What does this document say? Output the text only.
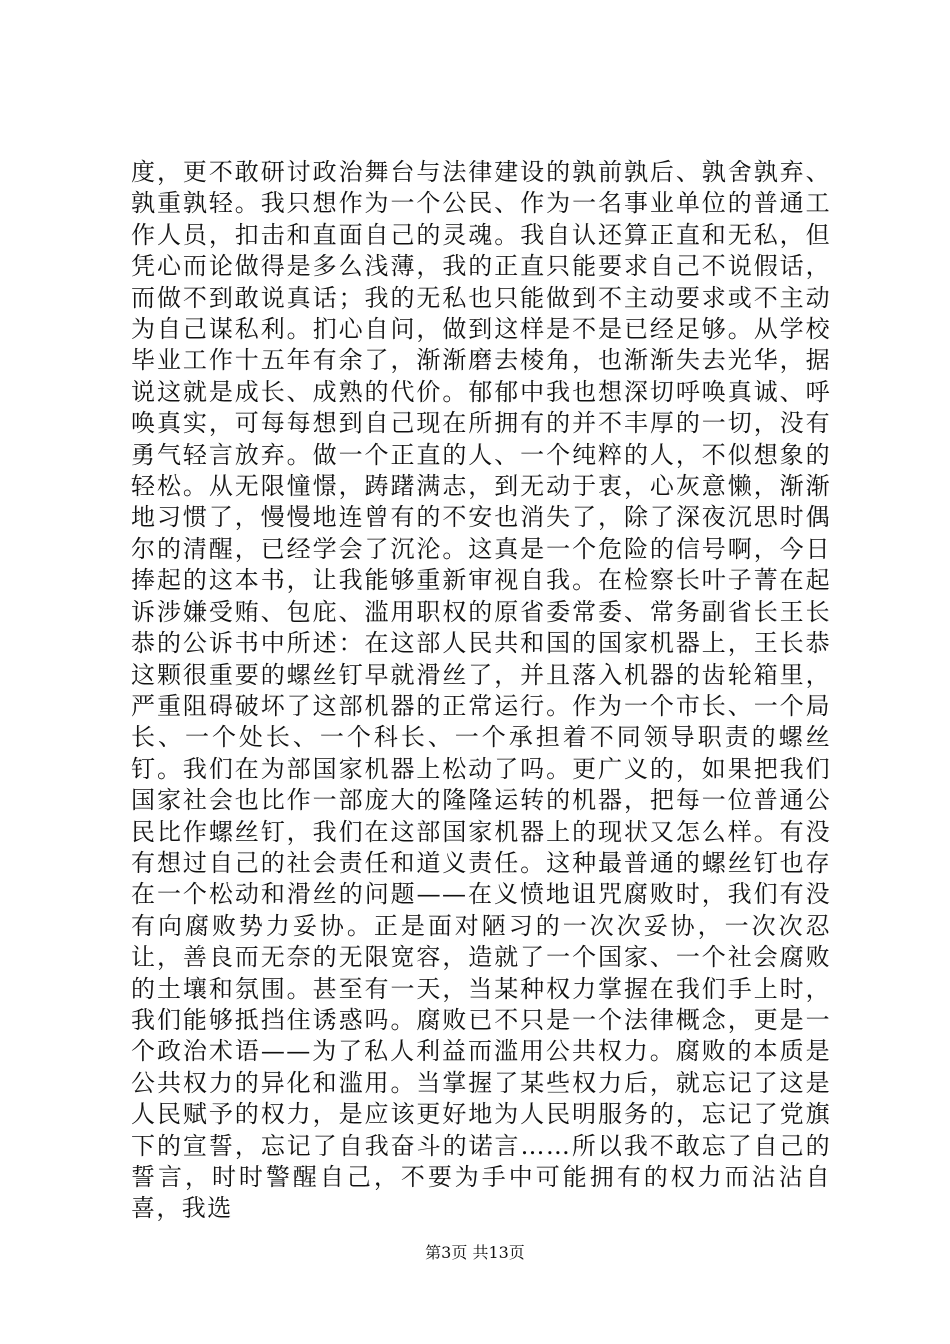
度，更不敢研讨政治舞台与法律建设的孰前孰后、孰舍孰弃、孰重孰轻。我只想作为一个公民、作为一名事业单位的普通工作人员，扣击和直面自己的灵魂。我自认还算正直和无私，但凭心而论做得是多么浅薄，我的正直只能要求自己不说假话，而做不到敢说真话；我的无私也只能做到不主动要求或不主动为自己谋私利。扪心自问，做到这样是不是已经足够。从学校毕业工作十五年有余了，渐渐磨去棱角，也渐渐失去光华，据说这就是成长、成熟的代价。郁郁中我也想深切呼唤真诚、呼唤真实，可每每想到自己现在所拥有的并不丰厚的一切，没有勇气轻言放弃。做一个正直的人、一个纯粹的人，不似想象的轻松。从无限憧憬，踌躇满志，到无动于衷，心灰意懒，渐渐地习惯了，慢慢地连曾有的不安也消失了，除了深夜沉思时偶尔的清醒，已经学会了沉沦。这真是一个危险的信号啊，今日捧起的这本书，让我能够重新审视自我。在检察长叶子菁在起诉涉嫌受贿、包庇、滥用职权的原省委常委、常务副省长王长恭的公诉书中所述：在这部人民共和国的国家机器上，王长恭这颗很重要的螺丝钉早就滑丝了，并且落入机器的齿轮箱里，严重阻碍破坏了这部机器的正常运行。作为一个市长、一个局长、一个处长、一个科长、一个承担着不同领导职责的螺丝钉。我们在为部国家机器上松动了吗。更广义的，如果把我们国家社会也比作一部庞大的隆隆运转的机器，把每一位普通公民比作螺丝钉，我们在这部国家机器上的现状又怎么样。有没有想过自己的社会责任和道义责任。这种最普通的螺丝钉也存在一个松动和滑丝的问题——在义愤地诅咒腐败时，我们有没有向腐败势力妥协。正是面对陋习的一次次妥协，一次次忍让，善良而无奈的无限宽容，造就了一个国家、一个社会腐败的土壤和氛围。甚至有一天，当某种权力掌握在我们手上时，我们能够抵挡住诱惑吗。腐败已不只是一个法律概念，更是一个政治术语——为了私人利益而滥用公共权力。腐败的本质是公共权力的异化和滥用。当掌握了某些权力后，就忘记了这是人民赋予的权力，是应该更好地为人民明服务的，忘记了党旗下的宣誓，忘记了自我奋斗的诺言……所以我不敢忘了自己的誓言，时时警醒自己，不要为手中可能拥有的权力而沾沾自喜，我选

第3页 共13页
